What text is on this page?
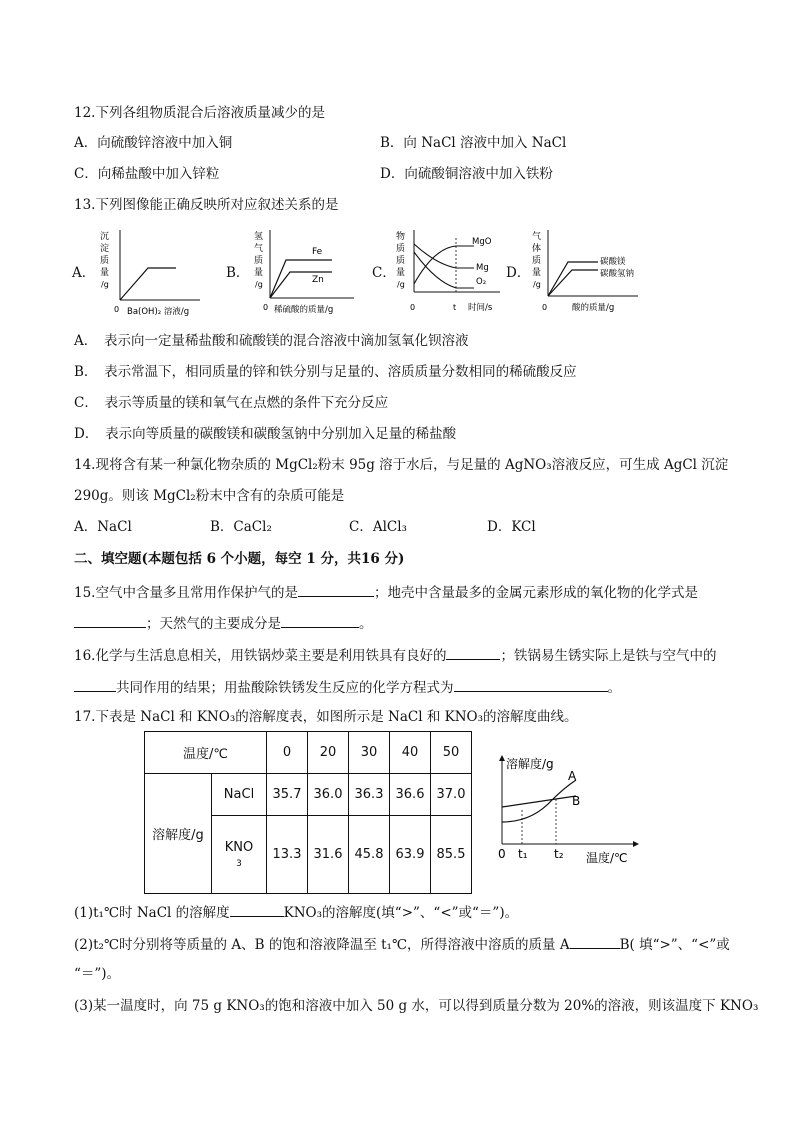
12.下列各组物质混合后溶液质量减少的是
A．向硫酸锌溶液中加入铜	B．向 NaCl 溶液中加入 NaCl
C．向稀盐酸中加入锌粒	D．向硫酸铜溶液中加入铁粉
13.下列图像能正确反映所对应叙述关系的是
A．
沉
淀
质
量
/g
0 Ba(OH)₂ 溶液/g
B．
氢
气
质
量
/g
Fe
Zn
0 稀硫酸的质量/g
C．
物
质
质
量
/g
MgO
Mg
O₂
0	t 时间/s
D．
气
体
质
量
/g
碳酸镁
碳酸氢钠
0	酸的质量/g
A．　表示向一定量稀盐酸和硫酸镁的混合溶液中滴加氢氧化钡溶液
B．　表示常温下，相同质量的锌和铁分别与足量的、溶质质量分数相同的稀硫酸反应
C．　表示等质量的镁和氧气在点燃的条件下充分反应
D．　表示向等质量的碳酸镁和碳酸氢钠中分别加入足量的稀盐酸
14.现将含有某一种氯化物杂质的 MgCl₂粉末 95g 溶于水后，与足量的 AgNO₃溶液反应，可生成 AgCl 沉淀
290g。则该 MgCl₂粉末中含有的杂质可能是
A．NaCl	B．CaCl₂	C．AlCl₃	D．KCl
二、填空题(本题包括 6 个小题，每空 1 分，共16 分)
15.空气中含量多且常用作保护气的是	；地壳中含量最多的金属元素形成的氧化物的化学式是
；天然气的主要成分是	。
16.化学与生活息息相关，用铁锅炒菜主要是利用铁具有良好的	；铁锅易生锈实际上是铁与空气中的
共同作用的结果；用盐酸除铁锈发生反应的化学方程式为	。
17.下表是 NaCl 和 KNO₃的溶解度表，如图所示是 NaCl 和 KNO₃的溶解度曲线。
温度/℃		0	20	30	40	50
溶解度/g	NaCl	35.7	36.0	36.3	36.6	37.0
	KNO
3	13.3	31.6	45.8	63.9	85.5
溶解度/g
A
B
0 t₁ t₂ 温度/℃
(1)t₁℃时 NaCl 的溶解度	KNO₃的溶解度(填“>”、“<”或“＝”)。
(2)t₂℃时分别将等质量的 A、B 的饱和溶液降温至 t₁℃，所得溶液中溶质的质量 A	B( 填“>”、“<”或
“＝”)。
(3)某一温度时，向 75 g KNO₃的饱和溶液中加入 50 g 水，可以得到质量分数为 20%的溶液，则该温度下 KNO₃
